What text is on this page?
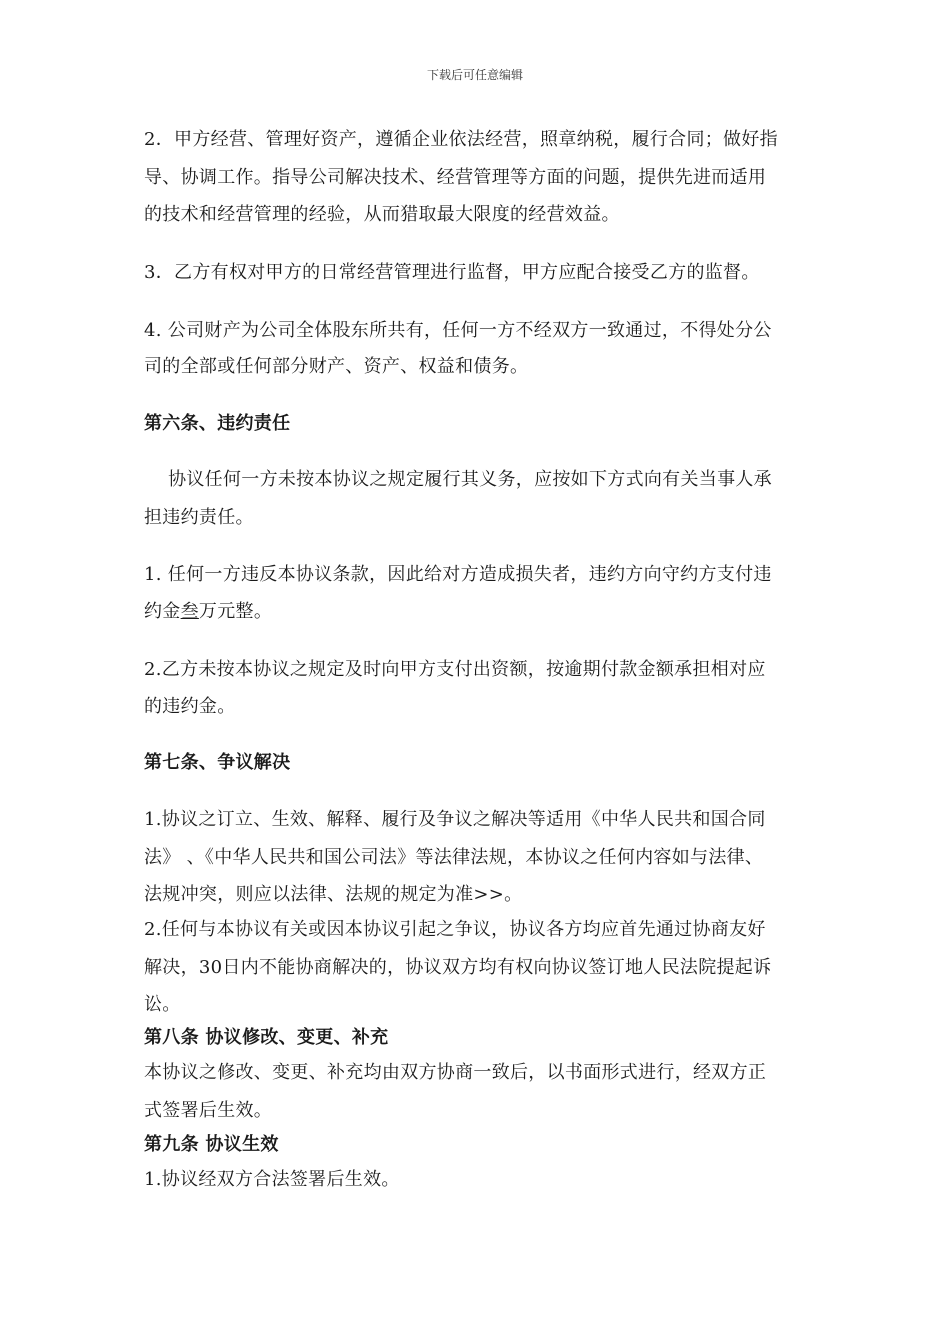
下载后可任意编辑
2．甲方经营、管理好资产，遵循企业依法经营，照章纳税，履行合同；做好指
导、协调工作。指导公司解决技术、经营管理等方面的问题，提供先进而适用
的技术和经营管理的经验，从而猎取最大限度的经营效益。
3．乙方有权对甲方的日常经营管理进行监督，甲方应配合接受乙方的监督。
4. 公司财产为公司全体股东所共有，任何一方不经双方一致通过，不得处分公
司的全部或任何部分财产、资产、权益和债务。
第六条、违约责任
协议任何一方未按本协议之规定履行其义务，应按如下方式向有关当事人承
担违约责任。
1. 任何一方违反本协议条款，因此给对方造成损失者，违约方向守约方支付违
约金叁万元整。
2.乙方未按本协议之规定及时向甲方支付出资额，按逾期付款金额承担相对应
的违约金。
第七条、争议解决
1.协议之订立、生效、解释、履行及争议之解决等适用《中华人民共和国合同
法》 、《中华人民共和国公司法》等法律法规，本协议之任何内容如与法律、
法规冲突，则应以法律、法规的规定为准>>。
2.任何与本协议有关或因本协议引起之争议，协议各方均应首先通过协商友好
解决，30日内不能协商解决的，协议双方均有权向协议签订地人民法院提起诉
讼。
第八条 协议修改、变更、补充
本协议之修改、变更、补充均由双方协商一致后，以书面形式进行，经双方正
式签署后生效。
第九条 协议生效
1.协议经双方合法签署后生效。
